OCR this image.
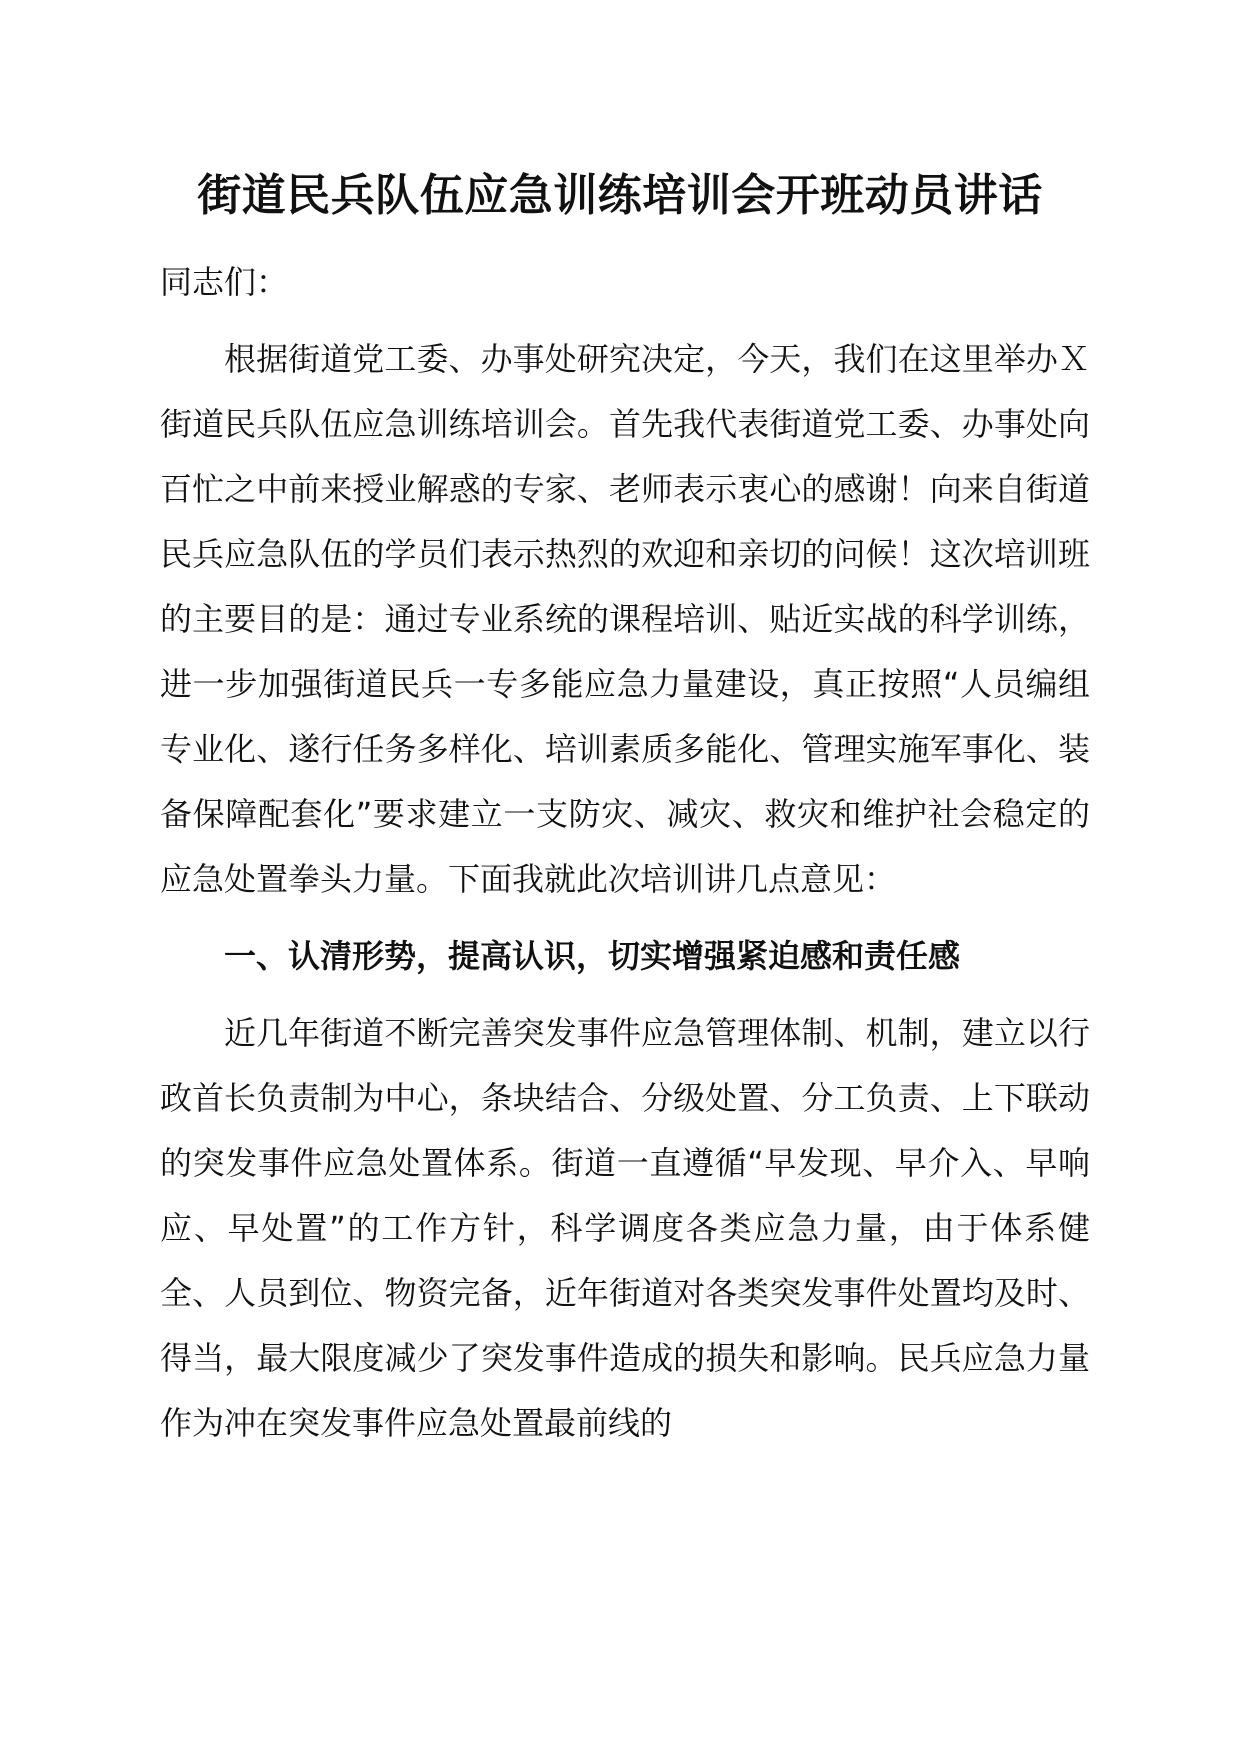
街道民兵队伍应急训练培训会开班动员讲话

同志们：

根据街道党工委、办事处研究决定，今天，我们在这里举办Ｘ街道民兵队伍应急训练培训会。首先我代表街道党工委、办事处向百忙之中前来授业解惑的专家、老师表示衷心的感谢！向来自街道民兵应急队伍的学员们表示热烈的欢迎和亲切的问候！这次培训班的主要目的是：通过专业系统的课程培训、贴近实战的科学训练，进一步加强街道民兵一专多能应急力量建设，真正按照“人员编组专业化、遂行任务多样化、培训素质多能化、管理实施军事化、装备保障配套化”要求建立一支防灾、减灾、救灾和维护社会稳定的应急处置拳头力量。下面我就此次培训讲几点意见：

一、认清形势，提高认识，切实增强紧迫感和责任感

近几年街道不断完善突发事件应急管理体制、机制，建立以行政首长负责制为中心，条块结合、分级处置、分工负责、上下联动的突发事件应急处置体系。街道一直遵循“早发现、早介入、早响应、早处置”的工作方针，科学调度各类应急力量，由于体系健全、人员到位、物资完备，近年街道对各类突发事件处置均及时、得当，最大限度减少了突发事件造成的损失和影响。民兵应急力量作为冲在突发事件应急处置最前线的
